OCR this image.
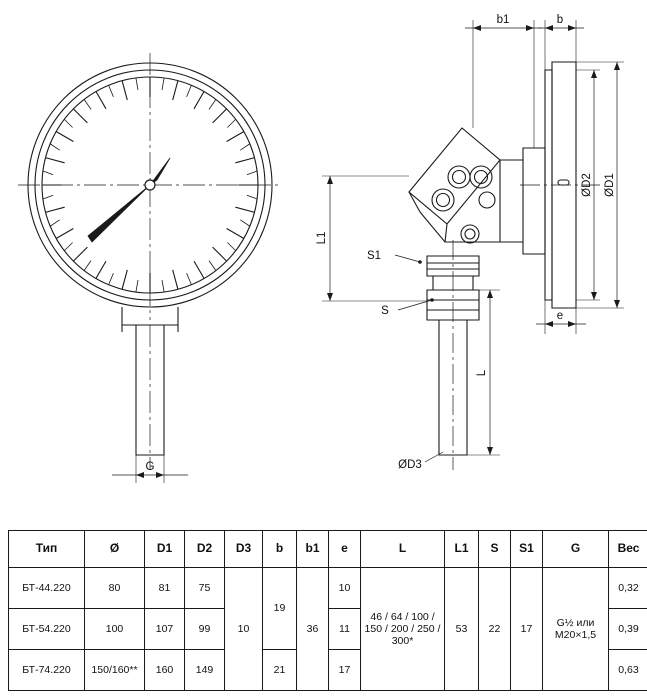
G
b1	b
ØD2 ØD1
e
L1
S1
S
L
ØD3
Тип	Ø	D1	D2	D3	b	b1	e	L	L1	S	S1	G	Вес
БТ-44.220	80	81	75	10	19	36	10	46 / 64 / 100 / 150 / 200 / 250 / 300*	53	22	17	G½ или M20×1,5	0,32
БТ-54.220	100	107	99				11						0,39
БТ-74.220	150/160**	160	149		21		17						0,63
